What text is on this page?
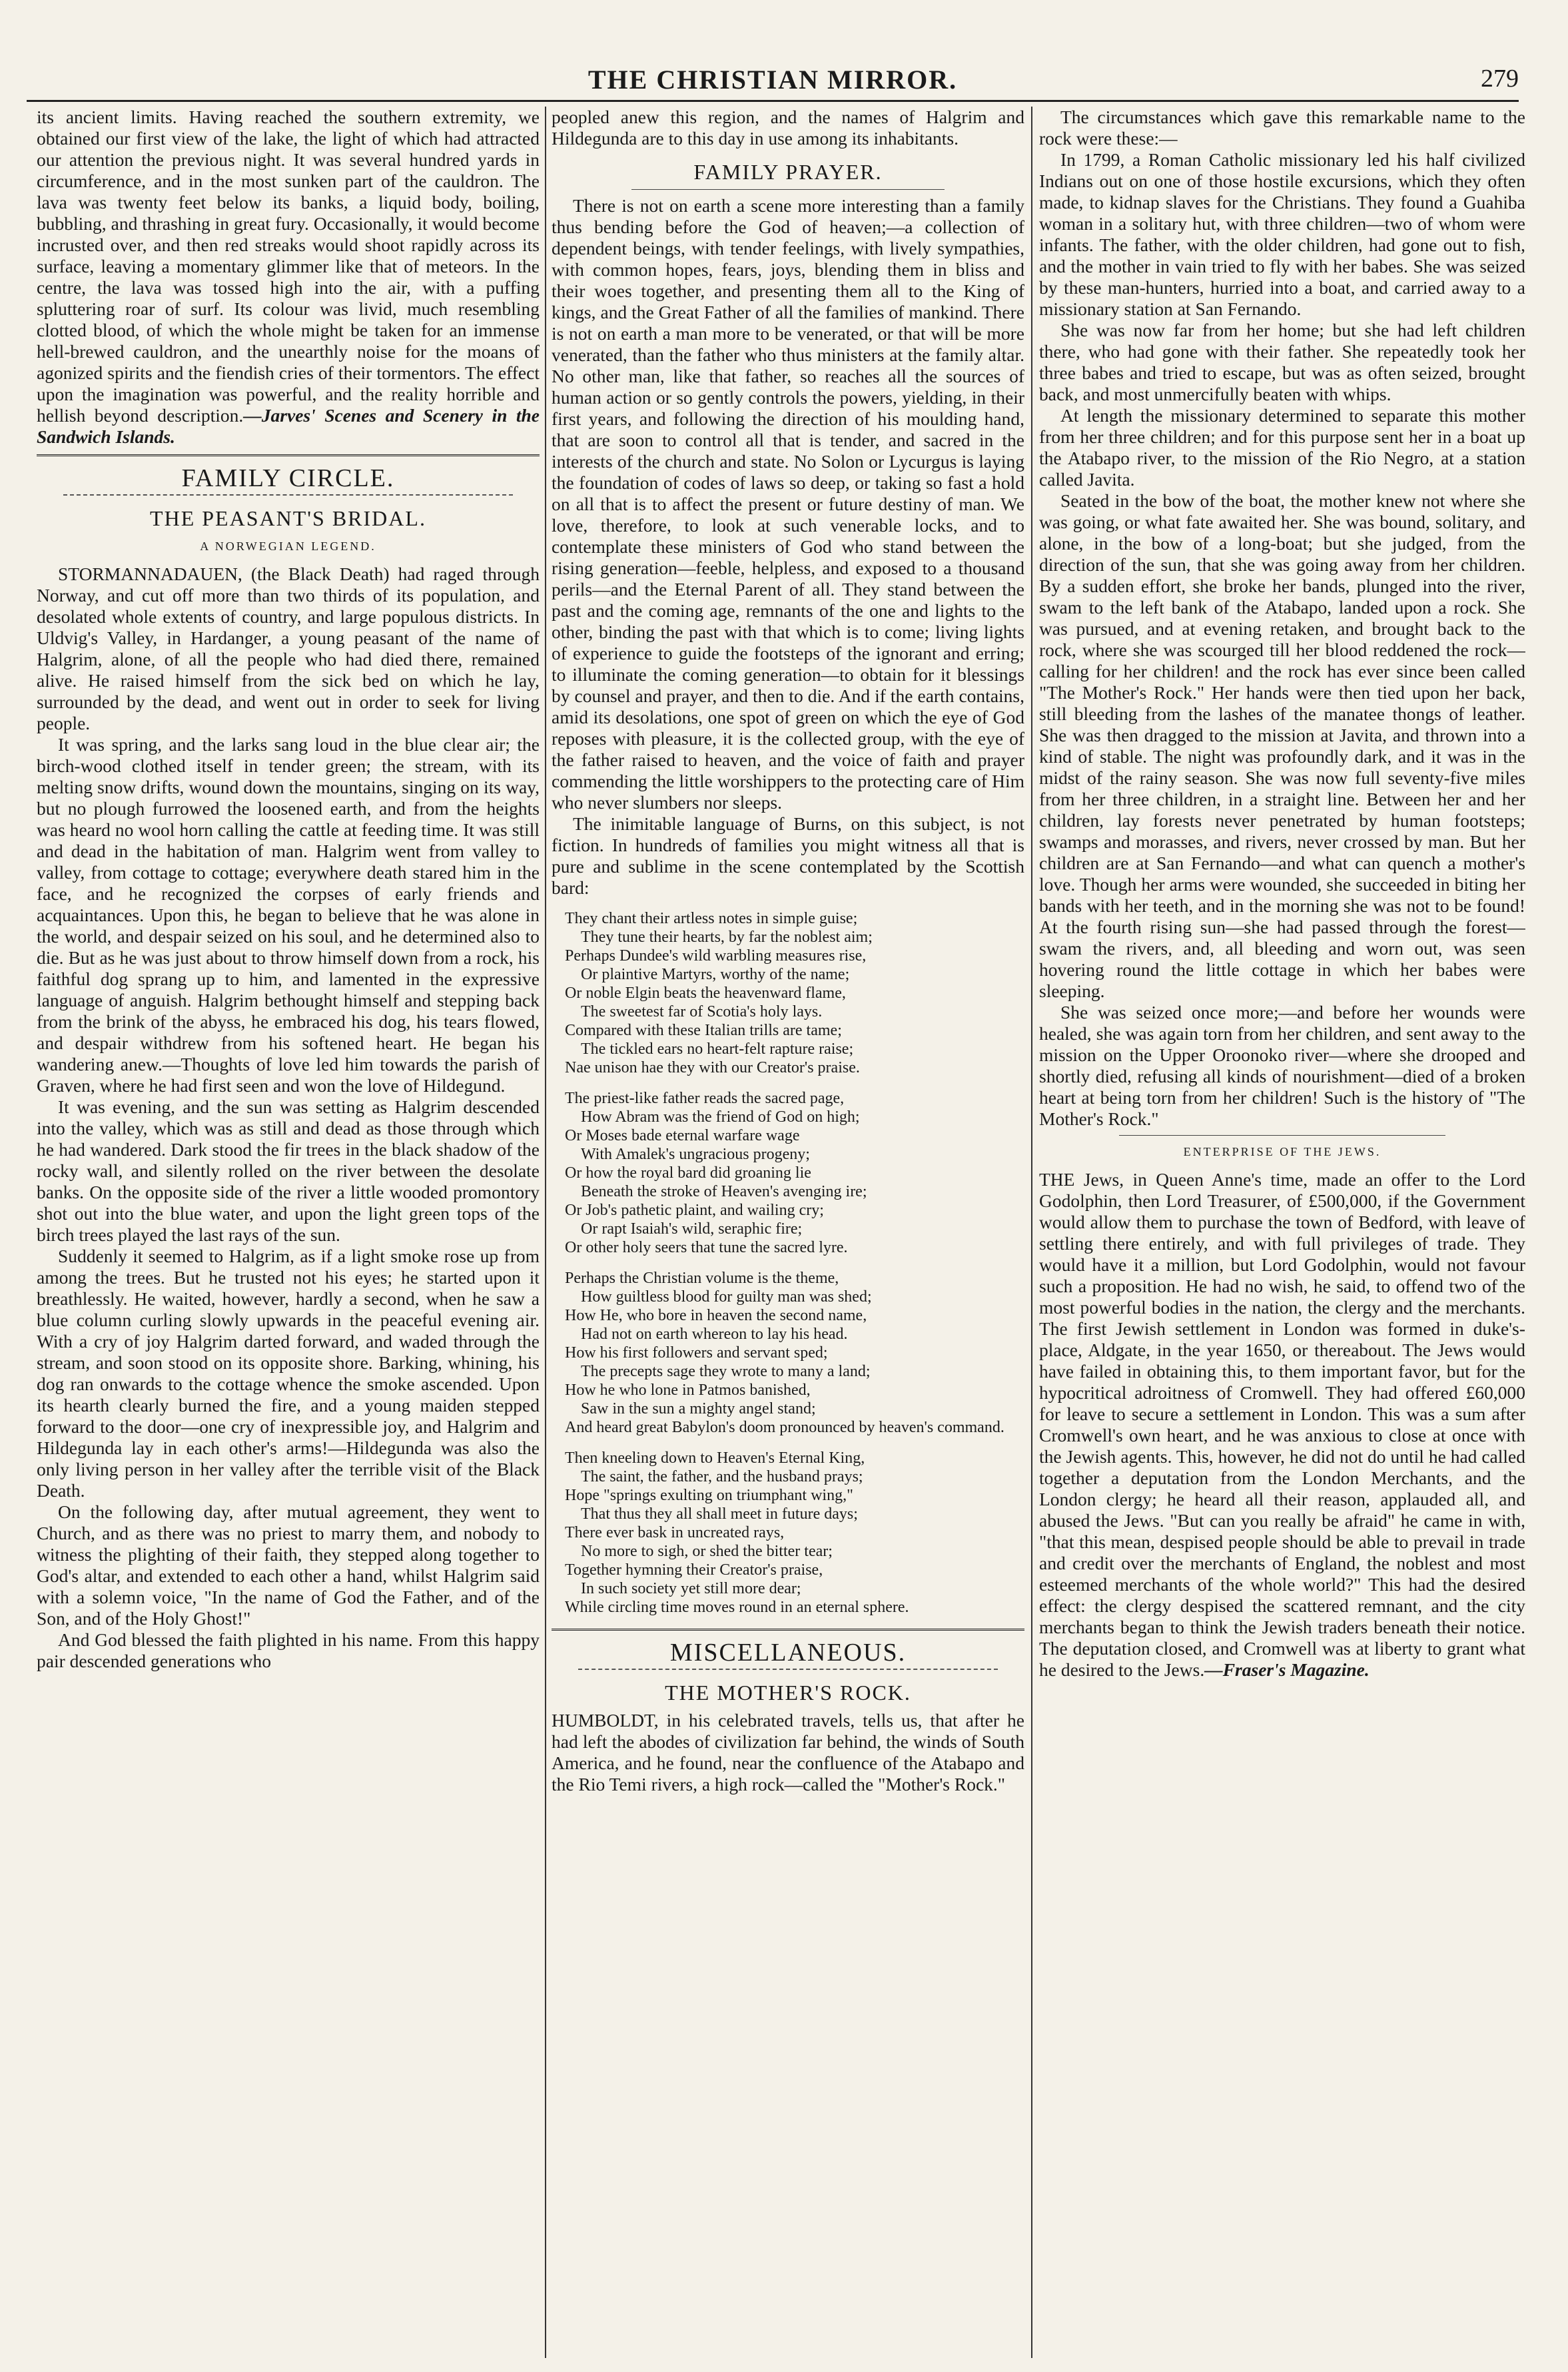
THE CHRISTIAN MIRROR.	279

its ancient limits. Having reached the southern extremity, we obtained our first view of the lake, the light of which had attracted our attention the previous night. It was several hundred yards in circumference, and in the most sunken part of the cauldron. The lava was twenty feet below its banks, a liquid body, boiling, bubbling, and thrashing in great fury. Occasionally, it would become incrusted over, and then red streaks would shoot rapidly across its surface, leaving a momentary glimmer like that of meteors. In the centre, the lava was tossed high into the air, with a puffing spluttering roar of surf. Its colour was livid, much resembling clotted blood, of which the whole might be taken for an immense hell-brewed cauldron, and the unearthly noise for the moans of agonized spirits and the fiendish cries of their tormentors. The effect upon the imagination was powerful, and the reality horrible and hellish beyond description.—Jarves' Scenes and Scenery in the Sandwich Islands.

FAMILY CIRCLE.
THE PEASANT'S BRIDAL.
A NORWEGIAN LEGEND.

STORMANNADAUEN, (the Black Death) had raged through Norway, and cut off more than two thirds of its population, and desolated whole extents of country, and large populous districts. In Uldvig's Valley, in Hardanger, a young peasant of the name of Halgrim, alone, of all the people who had died there, remained alive. He raised himself from the sick bed on which he lay, surrounded by the dead, and went out in order to seek for living people.

It was spring, and the larks sang loud in the blue clear air; the birch-wood clothed itself in tender green; the stream, with its melting snow drifts, wound down the mountains, singing on its way, but no plough furrowed the loosened earth, and from the heights was heard no wool horn calling the cattle at feeding time. It was still and dead in the habitation of man. Halgrim went from valley to valley, from cottage to cottage; everywhere death stared him in the face, and he recognized the corpses of early friends and acquaintances. Upon this, he began to believe that he was alone in the world, and despair seized on his soul, and he determined also to die. But as he was just about to throw himself down from a rock, his faithful dog sprang up to him, and lamented in the expressive language of anguish. Halgrim bethought himself and stepping back from the brink of the abyss, he embraced his dog, his tears flowed, and despair withdrew from his softened heart. He began his wandering anew.—Thoughts of love led him towards the parish of Graven, where he had first seen and won the love of Hildegund.

It was evening, and the sun was setting as Halgrim descended into the valley, which was as still and dead as those through which he had wandered. Dark stood the fir trees in the black shadow of the rocky wall, and silently rolled on the river between the desolate banks. On the opposite side of the river a little wooded promontory shot out into the blue water, and upon the light green tops of the birch trees played the last rays of the sun.

Suddenly it seemed to Halgrim, as if a light smoke rose up from among the trees. But he trusted not his eyes; he started upon it breathlessly. He waited, however, hardly a second, when he saw a blue column curling slowly upwards in the peaceful evening air. With a cry of joy Halgrim darted forward, and waded through the stream, and soon stood on its opposite shore. Barking, whining, his dog ran onwards to the cottage whence the smoke ascended. Upon its hearth clearly burned the fire, and a young maiden stepped forward to the door—one cry of inexpressible joy, and Halgrim and Hildegunda lay in each other's arms!—Hildegunda was also the only living person in her valley after the terrible visit of the Black Death.

On the following day, after mutual agreement, they went to Church, and as there was no priest to marry them, and nobody to witness the plighting of their faith, they stepped along together to God's altar, and extended to each other a hand, whilst Halgrim said with a solemn voice, "In the name of God the Father, and of the Son, and of the Holy Ghost!"

And God blessed the faith plighted in his name. From this happy pair descended generations who

peopled anew this region, and the names of Halgrim and Hildegunda are to this day in use among its inhabitants.

FAMILY PRAYER.

There is not on earth a scene more interesting than a family thus bending before the God of heaven;—a collection of dependent beings, with tender feelings, with lively sympathies, with common hopes, fears, joys, blending them in bliss and their woes together, and presenting them all to the King of kings, and the Great Father of all the families of mankind. There is not on earth a man more to be venerated, or that will be more venerated, than the father who thus ministers at the family altar. No other man, like that father, so reaches all the sources of human action or so gently controls the powers, yielding, in their first years, and following the direction of his moulding hand, that are soon to control all that is tender, and sacred in the interests of the church and state. No Solon or Lycurgus is laying the foundation of codes of laws so deep, or taking so fast a hold on all that is to affect the present or future destiny of man. We love, therefore, to look at such venerable locks, and to contemplate these ministers of God who stand between the rising generation—feeble, helpless, and exposed to a thousand perils—and the Eternal Parent of all. They stand between the past and the coming age, remnants of the one and lights to the other, binding the past with that which is to come; living lights of experience to guide the footsteps of the ignorant and erring; to illuminate the coming generation—to obtain for it blessings by counsel and prayer, and then to die. And if the earth contains, amid its desolations, one spot of green on which the eye of God reposes with pleasure, it is the collected group, with the eye of the father raised to heaven, and the voice of faith and prayer commending the little worshippers to the protecting care of Him who never slumbers nor sleeps.

The inimitable language of Burns, on this subject, is not fiction. In hundreds of families you might witness all that is pure and sublime in the scene contemplated by the Scottish bard:

They chant their artless notes in simple guise;
They tune their hearts, by far the noblest aim;
Perhaps Dundee's wild warbling measures rise,
Or plaintive Martyrs, worthy of the name;
Or noble Elgin beats the heavenward flame,
The sweetest far of Scotia's holy lays.
Compared with these Italian trills are tame;
The tickled ears no heart-felt rapture raise;
Nae unison hae they with our Creator's praise.
The priest-like father reads the sacred page,
How Abram was the friend of God on high;
Or Moses bade eternal warfare wage
With Amalek's ungracious progeny;
Or how the royal bard did groaning lie
Beneath the stroke of Heaven's avenging ire;
Or Job's pathetic plaint, and wailing cry;
Or rapt Isaiah's wild, seraphic fire;
Or other holy seers that tune the sacred lyre.
Perhaps the Christian volume is the theme,
How guiltless blood for guilty man was shed;
How He, who bore in heaven the second name,
Had not on earth whereon to lay his head.
How his first followers and servant sped;
The precepts sage they wrote to many a land;
How he who lone in Patmos banished,
Saw in the sun a mighty angel stand;
And heard great Babylon's doom pronounced by heaven's command.
Then kneeling down to Heaven's Eternal King,
The saint, the father, and the husband prays;
Hope "springs exulting on triumphant wing,"
That thus they all shall meet in future days;
There ever bask in uncreated rays,
No more to sigh, or shed the bitter tear;
Together hymning their Creator's praise,
In such society yet still more dear;
While circling time moves round in an eternal sphere.
MISCELLANEOUS.
THE MOTHER'S ROCK.

HUMBOLDT, in his celebrated travels, tells us, that after he had left the abodes of civilization far behind, the winds of South America, and he found, near the confluence of the Atabapo and the Rio Temi rivers, a high rock—called the "Mother's Rock."

The circumstances which gave this remarkable name to the rock were these:—

In 1799, a Roman Catholic missionary led his half civilized Indians out on one of those hostile excursions, which they often made, to kidnap slaves for the Christians. They found a Guahiba woman in a solitary hut, with three children—two of whom were infants. The father, with the older children, had gone out to fish, and the mother in vain tried to fly with her babes. She was seized by these man-hunters, hurried into a boat, and carried away to a missionary station at San Fernando.

She was now far from her home; but she had left children there, who had gone with their father. She repeatedly took her three babes and tried to escape, but was as often seized, brought back, and most unmercifully beaten with whips.

At length the missionary determined to separate this mother from her three children; and for this purpose sent her in a boat up the Atabapo river, to the mission of the Rio Negro, at a station called Javita.

Seated in the bow of the boat, the mother knew not where she was going, or what fate awaited her. She was bound, solitary, and alone, in the bow of a long-boat; but she judged, from the direction of the sun, that she was going away from her children. By a sudden effort, she broke her bands, plunged into the river, swam to the left bank of the Atabapo, landed upon a rock. She was pursued, and at evening retaken, and brought back to the rock, where she was scourged till her blood reddened the rock—calling for her children! and the rock has ever since been called "The Mother's Rock." Her hands were then tied upon her back, still bleeding from the lashes of the manatee thongs of leather. She was then dragged to the mission at Javita, and thrown into a kind of stable. The night was profoundly dark, and it was in the midst of the rainy season. She was now full seventy-five miles from her three children, in a straight line. Between her and her children, lay forests never penetrated by human footsteps; swamps and morasses, and rivers, never crossed by man. But her children are at San Fernando—and what can quench a mother's love. Though her arms were wounded, she succeeded in biting her bands with her teeth, and in the morning she was not to be found! At the fourth rising sun—she had passed through the forest—swam the rivers, and, all bleeding and worn out, was seen hovering round the little cottage in which her babes were sleeping.

She was seized once more;—and before her wounds were healed, she was again torn from her children, and sent away to the mission on the Upper Oroonoko river—where she drooped and shortly died, refusing all kinds of nourishment—died of a broken heart at being torn from her children! Such is the history of "The Mother's Rock."

ENTERPRISE OF THE JEWS.

THE Jews, in Queen Anne's time, made an offer to the Lord Godolphin, then Lord Treasurer, of £500,000, if the Government would allow them to purchase the town of Bedford, with leave of settling there entirely, and with full privileges of trade. They would have it a million, but Lord Godolphin, would not favour such a proposition. He had no wish, he said, to offend two of the most powerful bodies in the nation, the clergy and the merchants. The first Jewish settlement in London was formed in duke's-place, Aldgate, in the year 1650, or thereabout. The Jews would have failed in obtaining this, to them important favor, but for the hypocritical adroitness of Cromwell. They had offered £60,000 for leave to secure a settlement in London. This was a sum after Cromwell's own heart, and he was anxious to close at once with the Jewish agents. This, however, he did not do until he had called together a deputation from the London Merchants, and the London clergy; he heard all their reason, applauded all, and abused the Jews. "But can you really be afraid" he came in with, "that this mean, despised people should be able to prevail in trade and credit over the merchants of England, the noblest and most esteemed merchants of the whole world?" This had the desired effect: the clergy despised the scattered remnant, and the city merchants began to think the Jewish traders beneath their notice. The deputation closed, and Cromwell was at liberty to grant what he desired to the Jews.—Fraser's Magazine.
